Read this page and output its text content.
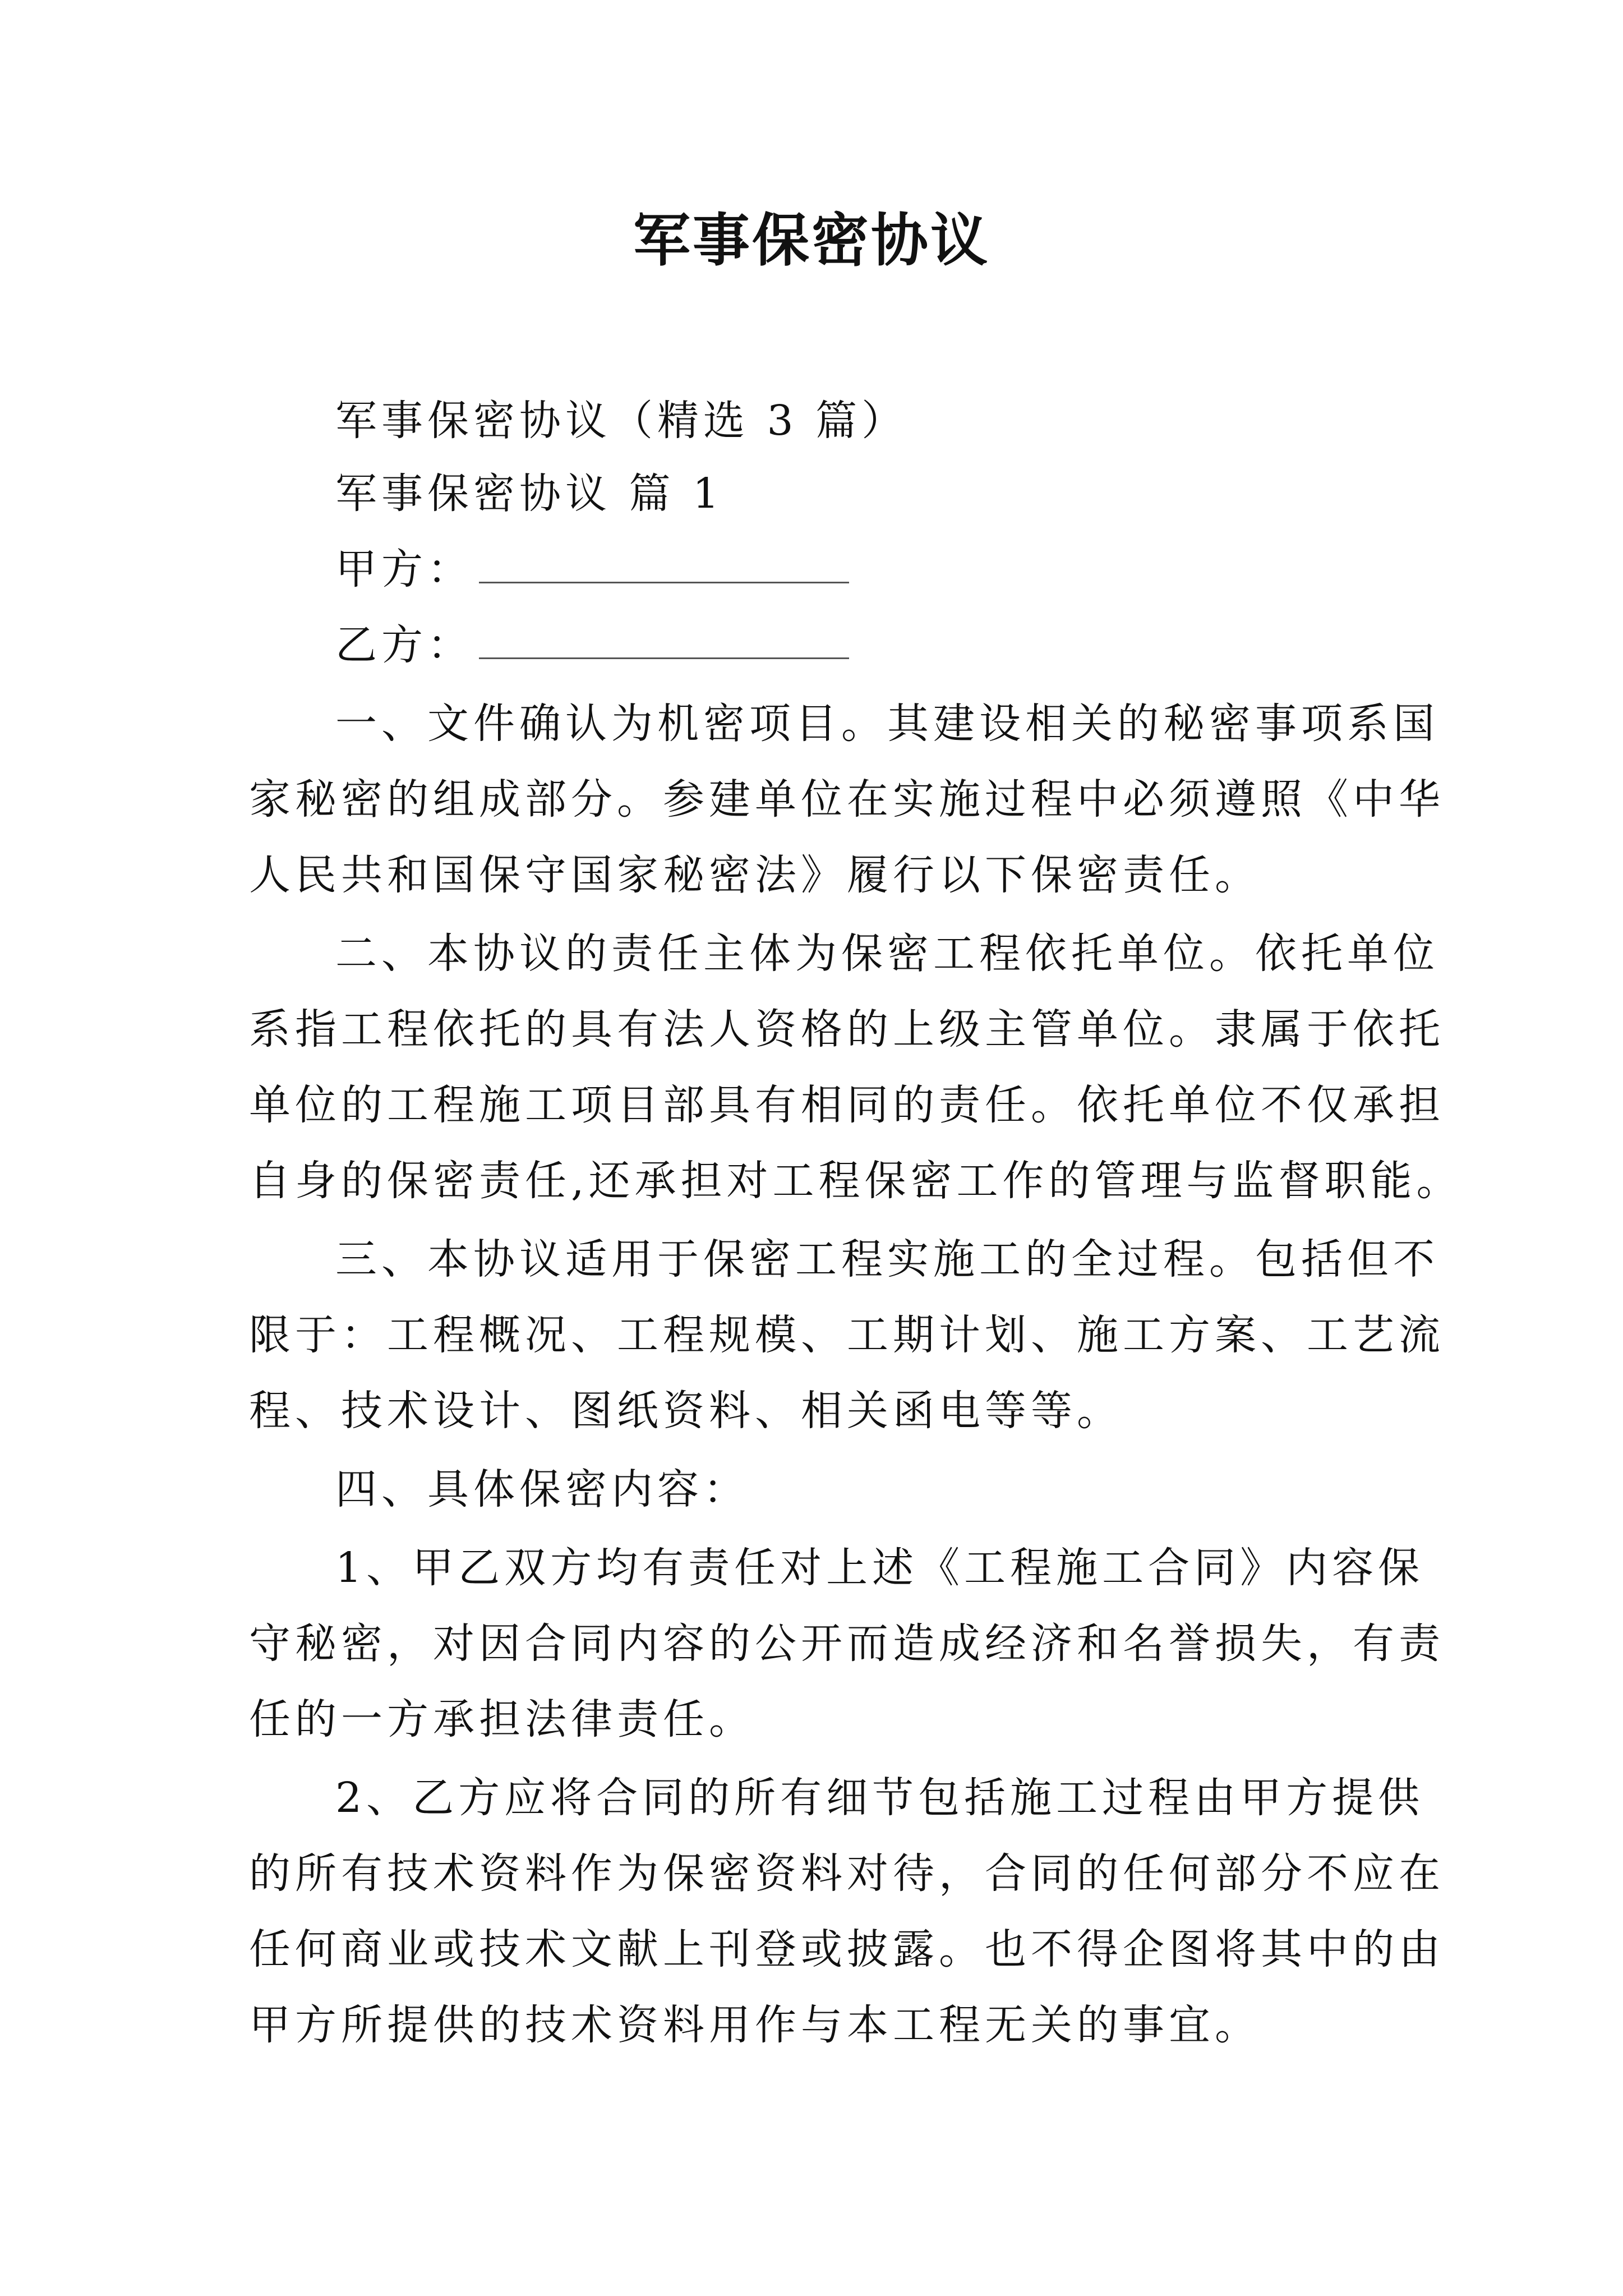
军事保密协议
军事保密协议（精选 3 篇）
军事保密协议 篇 1
甲方：
乙方：
一、文件确认为机密项目。其建设相关的秘密事项系国
家秘密的组成部分。参建单位在实施过程中必须遵照《中华
人民共和国保守国家秘密法》履行以下保密责任。
二、本协议的责任主体为保密工程依托单位。依托单位
系指工程依托的具有法人资格的上级主管单位。隶属于依托
单位的工程施工项目部具有相同的责任。依托单位不仅承担
自身的保密责任,还承担对工程保密工作的管理与监督职能。
三、本协议适用于保密工程实施工的全过程。包括但不
限于：工程概况、工程规模、工期计划、施工方案、工艺流
程、技术设计、图纸资料、相关函电等等。
四、具体保密内容：
1、甲乙双方均有责任对上述《工程施工合同》内容保
守秘密，对因合同内容的公开而造成经济和名誉损失，有责
任的一方承担法律责任。
2、乙方应将合同的所有细节包括施工过程由甲方提供
的所有技术资料作为保密资料对待，合同的任何部分不应在
任何商业或技术文献上刊登或披露。也不得企图将其中的由
甲方所提供的技术资料用作与本工程无关的事宜。
